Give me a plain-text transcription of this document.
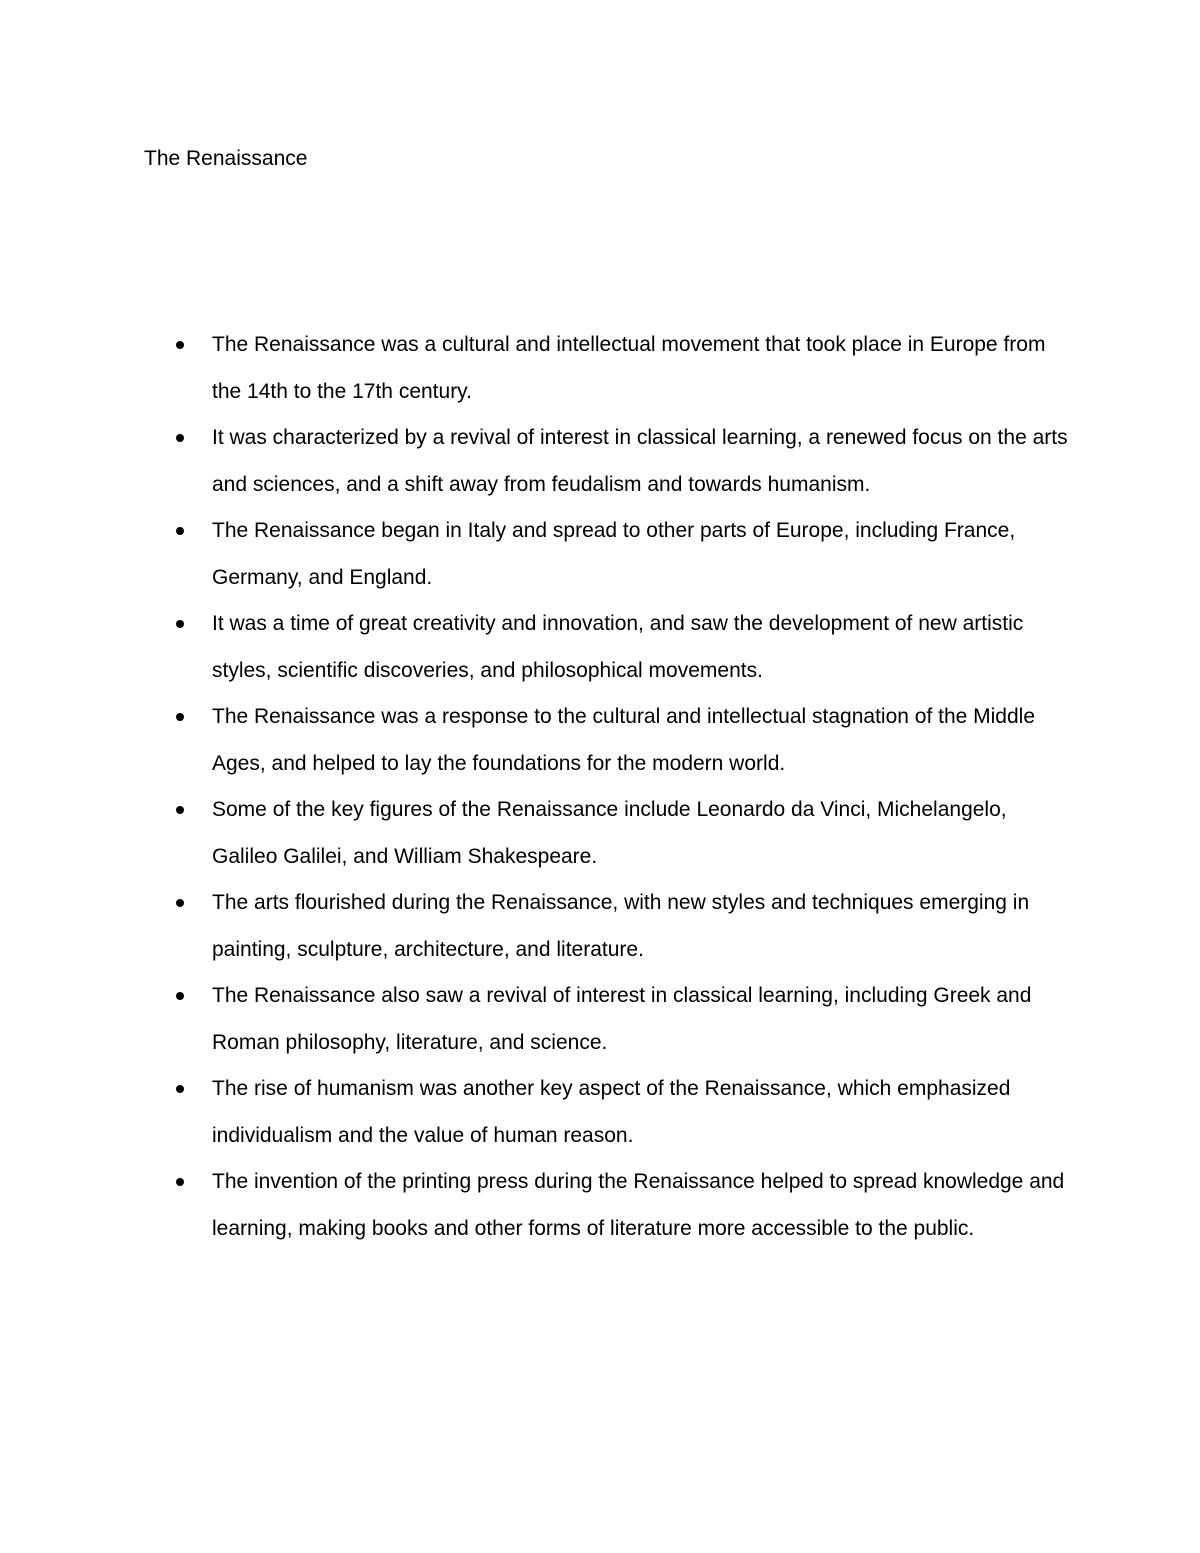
The Renaissance
The Renaissance was a cultural and intellectual movement that took place in Europe from the 14th to the 17th century.
It was characterized by a revival of interest in classical learning, a renewed focus on the arts and sciences, and a shift away from feudalism and towards humanism.
The Renaissance began in Italy and spread to other parts of Europe, including France, Germany, and England.
It was a time of great creativity and innovation, and saw the development of new artistic styles, scientific discoveries, and philosophical movements.
The Renaissance was a response to the cultural and intellectual stagnation of the Middle Ages, and helped to lay the foundations for the modern world.
Some of the key figures of the Renaissance include Leonardo da Vinci, Michelangelo, Galileo Galilei, and William Shakespeare.
The arts flourished during the Renaissance, with new styles and techniques emerging in painting, sculpture, architecture, and literature.
The Renaissance also saw a revival of interest in classical learning, including Greek and Roman philosophy, literature, and science.
The rise of humanism was another key aspect of the Renaissance, which emphasized individualism and the value of human reason.
The invention of the printing press during the Renaissance helped to spread knowledge and learning, making books and other forms of literature more accessible to the public.
